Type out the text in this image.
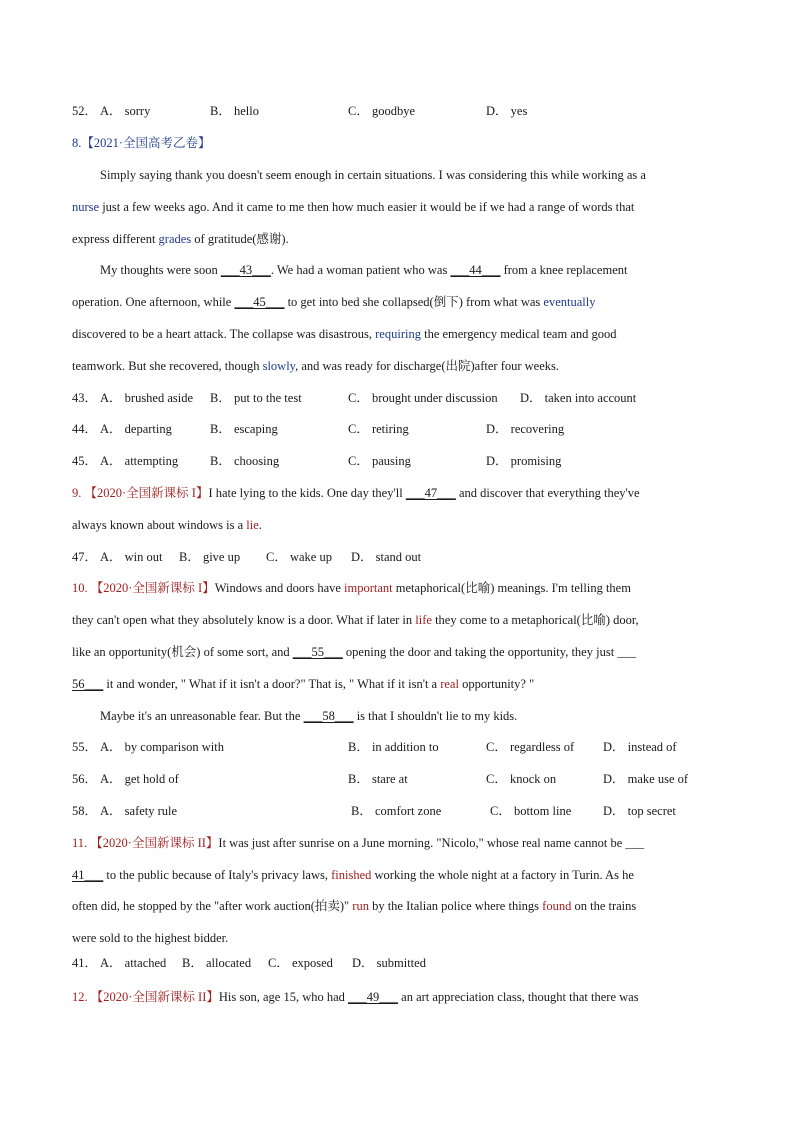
52． A． sorry	B． hello	C． goodbye	D． yes
8.【2021·全国高考乙卷】
Simply saying thank you doesn't seem enough in certain situations. I was considering this while working as a
nurse just a few weeks ago. And it came to me then how much easier it would be if we had a range of words that
express different grades of gratitude(感谢).
My thoughts were soon ___43___. We had a woman patient who was ___44___ from a knee replacement
operation. One afternoon, while ___45___ to get into bed she collapsed(倒下) from what was eventually
discovered to be a heart attack. The collapse was disastrous, requiring the emergency medical team and good
teamwork. But she recovered, though slowly, and was ready for discharge(出院)after four weeks.
43． A． brushed aside B． put to the test	C． brought under discussion D． taken into account
44． A． departing	B． escaping	C． retiring	D． recovering
45． A． attempting	B． choosing	C． pausing	D． promising
9. 【2020·全国新课标 I】I hate lying to the kids. One day they'll ___47___ and discover that everything they've
always known about windows is a lie.
47． A． win out B． give up C． wake up D． stand out
10. 【2020·全国新课标 I】Windows and doors have important metaphorical(比喻) meanings. I'm telling them
they can't open what they absolutely know is a door. What if later in life they come to a metaphorical(比喻) door,
like an opportunity(机会) of some sort, and ___55___ opening the door and taking the opportunity, they just ___
56___ it and wonder, " What if it isn't a door?" That is, " What if it isn't a real opportunity? "
Maybe it's an unreasonable fear. But the ___58___ is that I shouldn't lie to my kids.
55． A． by comparison with	B． in addition to	C． regardless of D． instead of
56． A． get hold of	B． stare at	C． knock on	D． make use of
58． A． safety rule	B． comfort zone	C． bottom line	D． top secret
11. 【2020·全国新课标 II】It was just after sunrise on a June morning. "Nicolo," whose real name cannot be ___
41___ to the public because of Italy's privacy laws, finished working the whole night at a factory in Turin. As he
often did, he stopped by the "after work auction(拍卖)" run by the Italian police where things found on the trains
were sold to the highest bidder.
41． A． attached B． allocated C． exposed D． submitted
12. 【2020·全国新课标 II】His son, age 15, who had ___49___ an art appreciation class, thought that there was
